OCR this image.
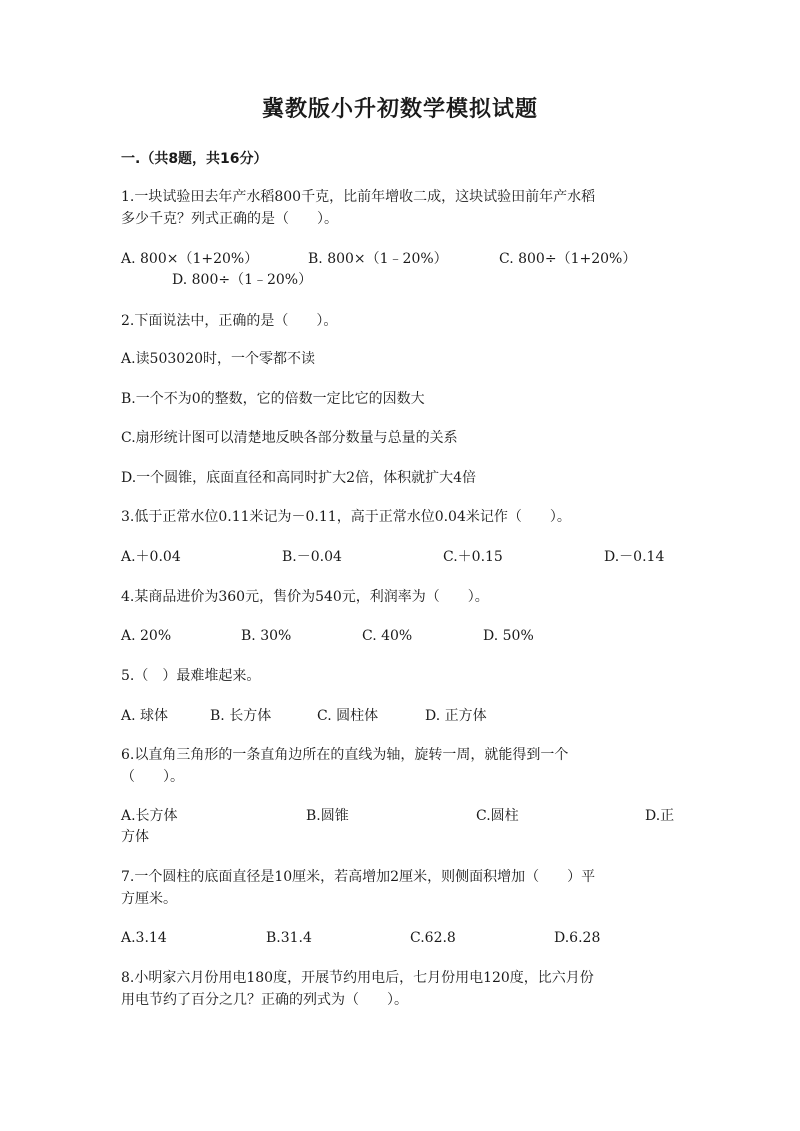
冀教版小升初数学模拟试题
一.（共8题，共16分）
1.一块试验田去年产水稻800千克，比前年增收二成，这块试验田前年产水稻
多少千克？列式正确的是（　　）。
A. 800×（1+20%）	B. 800×（1﹣20%）	C. 800÷（1+20%）
D. 800÷（1﹣20%）
2.下面说法中，正确的是（　　）。
A.读503020时，一个零都不读
B.一个不为0的整数，它的倍数一定比它的因数大
C.扇形统计图可以清楚地反映各部分数量与总量的关系
D.一个圆锥，底面直径和高同时扩大2倍，体积就扩大4倍
3.低于正常水位0.11米记为－0.11，高于正常水位0.04米记作（　　）。
A.＋0.04	B.－0.04	C.＋0.15	D.－0.14
4.某商品进价为360元，售价为540元，利润率为（　　）。
A. 20%	B. 30%	C. 40%	D. 50%
5.（　）最难堆起来。
A. 球体	B. 长方体	C. 圆柱体	D. 正方体
6.以直角三角形的一条直角边所在的直线为轴，旋转一周，就能得到一个
（　　）。
A.长方体	B.圆锥	C.圆柱	D.正
方体
7.一个圆柱的底面直径是10厘米，若高增加2厘米，则侧面积增加（　　）平
方厘米。
A.3.14	B.31.4	C.62.8	D.6.28
8.小明家六月份用电180度，开展节约用电后，七月份用电120度，比六月份
用电节约了百分之几？正确的列式为（　　）。
